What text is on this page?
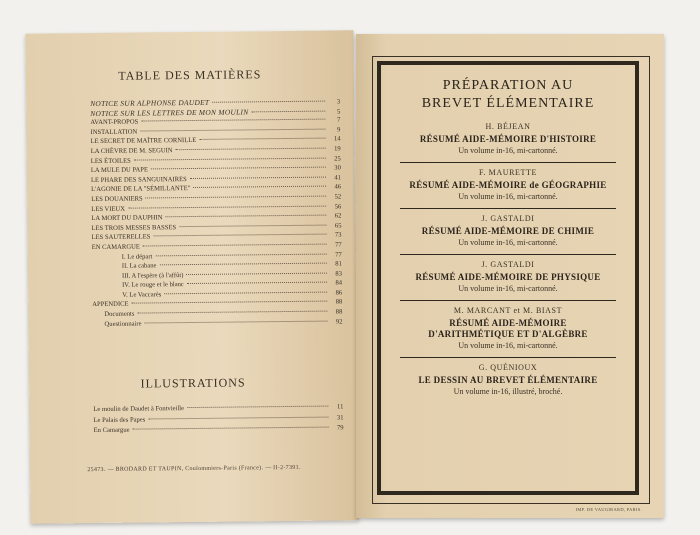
TABLE DES MATIÈRES
NOTICE SUR ALPHONSE DAUDET	3
NOTICE SUR LES LETTRES DE MON MOULIN	5
AVANT-PROPOS	7
INSTALLATION	9
LE SECRET DE MAÎTRE CORNILLE	14
LA CHÈVRE DE M. SEGUIN	19
LES ÉTOILES	25
LA MULE DU PAPE	30
LE PHARE DES SANGUINAIRES	41
L'AGONIE DE LA "SÉMILLANTE"	46
LES DOUANIERS	52
LES VIEUX	56
LA MORT DU DAUPHIN	62
LES TROIS MESSES BASSES	65
LES SAUTERELLES	73
EN CAMARGUE	77
I. Le départ	77
II. La cabane	81
III. A l'espère (à l'affût)	83
IV. Le rouge et le blanc	84
V. Le Vaccarès	86
APPENDICE	88
Documents	88
Questionnaire	92
ILLUSTRATIONS
Le moulin de Daudet à Fontvieille	11
Le Palais des Papes	31
En Camargue	79
25473. — BRODARD ET TAUPIN, Coulommiers-Paris (France). — II-2-7391.
PRÉPARATION AU
BREVET ÉLÉMENTAIRE
H. BÉJEAN
RÉSUMÉ AIDE-MÉMOIRE D'HISTOIRE
Un volume in-16, mi-cartonné.
F. MAURETTE
RÉSUMÉ AIDE-MÉMOIRE de GÉOGRAPHIE
Un volume in-16, mi-cartonné.
J. GASTALDI
RÉSUMÉ AIDE-MÉMOIRE DE CHIMIE
Un volume in-16, mi-cartonné.
J. GASTALDI
RÉSUMÉ AIDE-MÉMOIRE DE PHYSIQUE
Un volume in-16, mi-cartonné.
M. MARCANT et M. BIAST
RÉSUMÉ AIDE-MÉMOIRE
D'ARITHMÉTIQUE ET D'ALGÈBRE
Un volume in-16, mi-cartonné.
G. QUÉNIOUX
LE DESSIN AU BREVET ÉLÉMENTAIRE
Un volume in-16, illustré, broché.
IMP. DE VAUGIRARD, PARIS.
